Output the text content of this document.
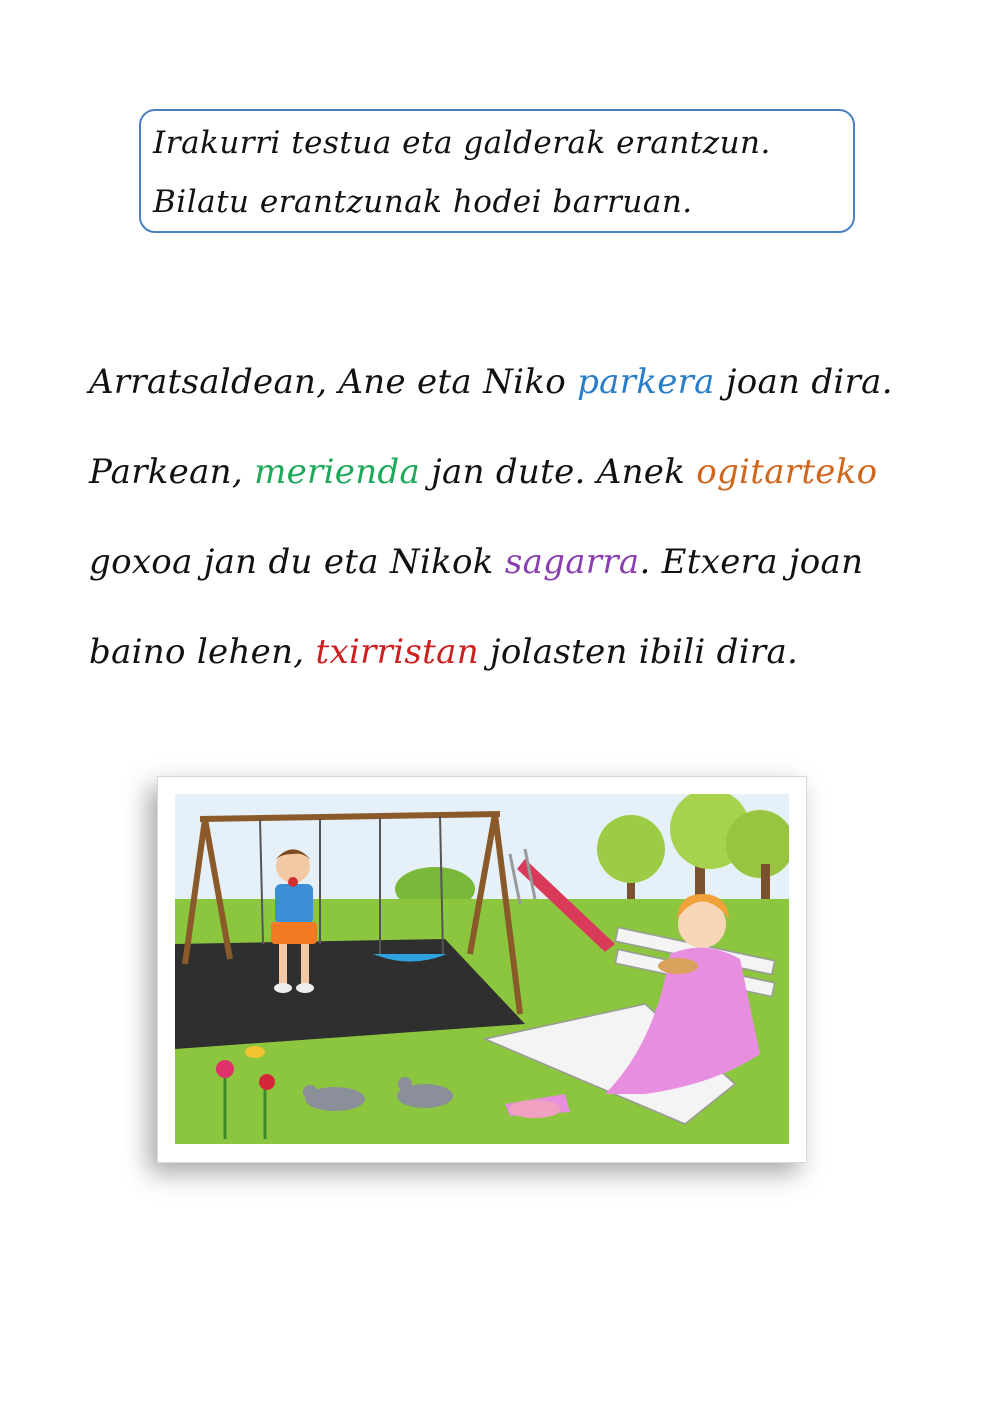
Irakurri testua eta galderak erantzun.

Bilatu erantzunak hodei barruan.

Arratsaldean, Ane eta Niko parkera joan dira.
Parkean, merienda jan dute. Anek ogitarteko
goxoa jan du eta Nikok sagarra. Etxera joan
baino lehen, txirristan jolasten ibili dira.
